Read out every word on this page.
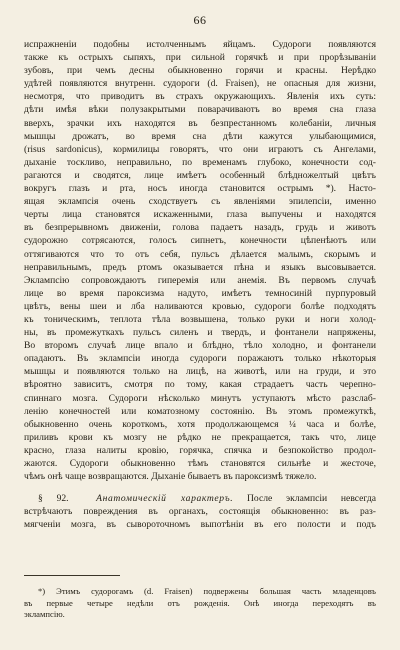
66
испражненіи подобны истолченнымъ яйцамъ. Судороги появляются
также къ острыхъ сыпяхъ, при сильной горячкѣ и при прорѣзываніи
зубовъ, при чемъ десны обыкновенно горячи и красны. Нерѣдко
удѣтей появляются внутренн. судороги (d. Fraisen), не опасныя для жизни,
несмотря, что приводитъ въ страхъ окружающихъ. Явленія ихъ суть:
дѣти имѣя вѣки полузакрытыми поварачиваютъ во время сна глаза
вверхъ, зрачки ихъ находятся въ безпрестанномъ колебаніи, личныя
мышцы дрожатъ, во время сна дѣти кажутся улыбающимися,
(risus sardonicus), кормилицы говорятъ, что они играютъ съ Ангелами,
дыханіе тоскливо, неправильно, по временамъ глубоко, конечности сод-
рагаются и сводятся, лице имѣетъ особенный блѣдножелтый цвѣтъ
вокругъ глазъ и рта, носъ иногда становится острымъ *). Насто-
ящая эклампсія очень сходствуетъ съ явленіями эпилепсіи, именно
черты лица становятся искаженными, глаза выпучены и находятся
въ безпрерывномъ движеніи, голова падаетъ назадъ, грудь и животъ
судорожно сотрясаются, голосъ сипнетъ, конечности цѣпенѣютъ или
оттягиваются что то отъ себя, пульсъ дѣлается малымъ, скорымъ и
неправильнымъ, предъ ртомъ оказывается пѣна и языкъ высовывается.
Эклампсію сопровождаютъ гиперемія или анемія. Въ первомъ случаѣ
лице во время пароксизма надуто, имѣетъ темносиній пурпуровый
цвѣтъ, вены шеи и лба наливаются кровью, судороги болѣе подходятъ
къ тоническимъ, теплота тѣла возвышена, только руки и ноги холод-
ны, въ промежуткахъ пульсъ силенъ и твердъ, и фонтанели напряжены,
Во второмъ случаѣ лице впало и блѣдно, тѣло холодно, и фонтанели
опадаютъ. Въ эклампсіи иногда судороги поражаютъ только нѣкоторыя
мышцы и появляются только на лицѣ, на животѣ, или на груди, и это
вѣроятно зависитъ, смотря по тому, какая страдаетъ часть черепно-
спиннаго мозга. Судороги нѣсколько минутъ уступаютъ мѣсто разслаб-
ленію конечностей или коматозному состоянію. Въ этомъ промежуткѣ,
обыкновенно очень короткомъ, хотя продолжающемся ¼ часа и болѣе,
приливъ крови къ мозгу не рѣдко не прекращается, такъ что, лице
красно, глаза налиты кровію, горячка, спячка и безпокойство продол-
жаются. Судороги обыкновенно тѣмъ становятся сильнѣе и жесточе,
чѣмъ онѣ чаще возвращаются. Дыханіе бываетъ въ пароксизмѣ тяжело.
§ 92.	Анатомическій характеръ. После эклампсіи невсегда
встрѣчаютъ повреждения въ органахъ, состоящія обыкновенно: въ раз-
мягченіи мозга, въ сывороточномъ выпотѣніи въ его полости и подъ
*) Этимъ судорогамъ (d. Fraisen) подвержены большая часть младенцовъ
въ первые четыре недѣли отъ рожденія. Онѣ иногда переходятъ въ
эклампсію.
